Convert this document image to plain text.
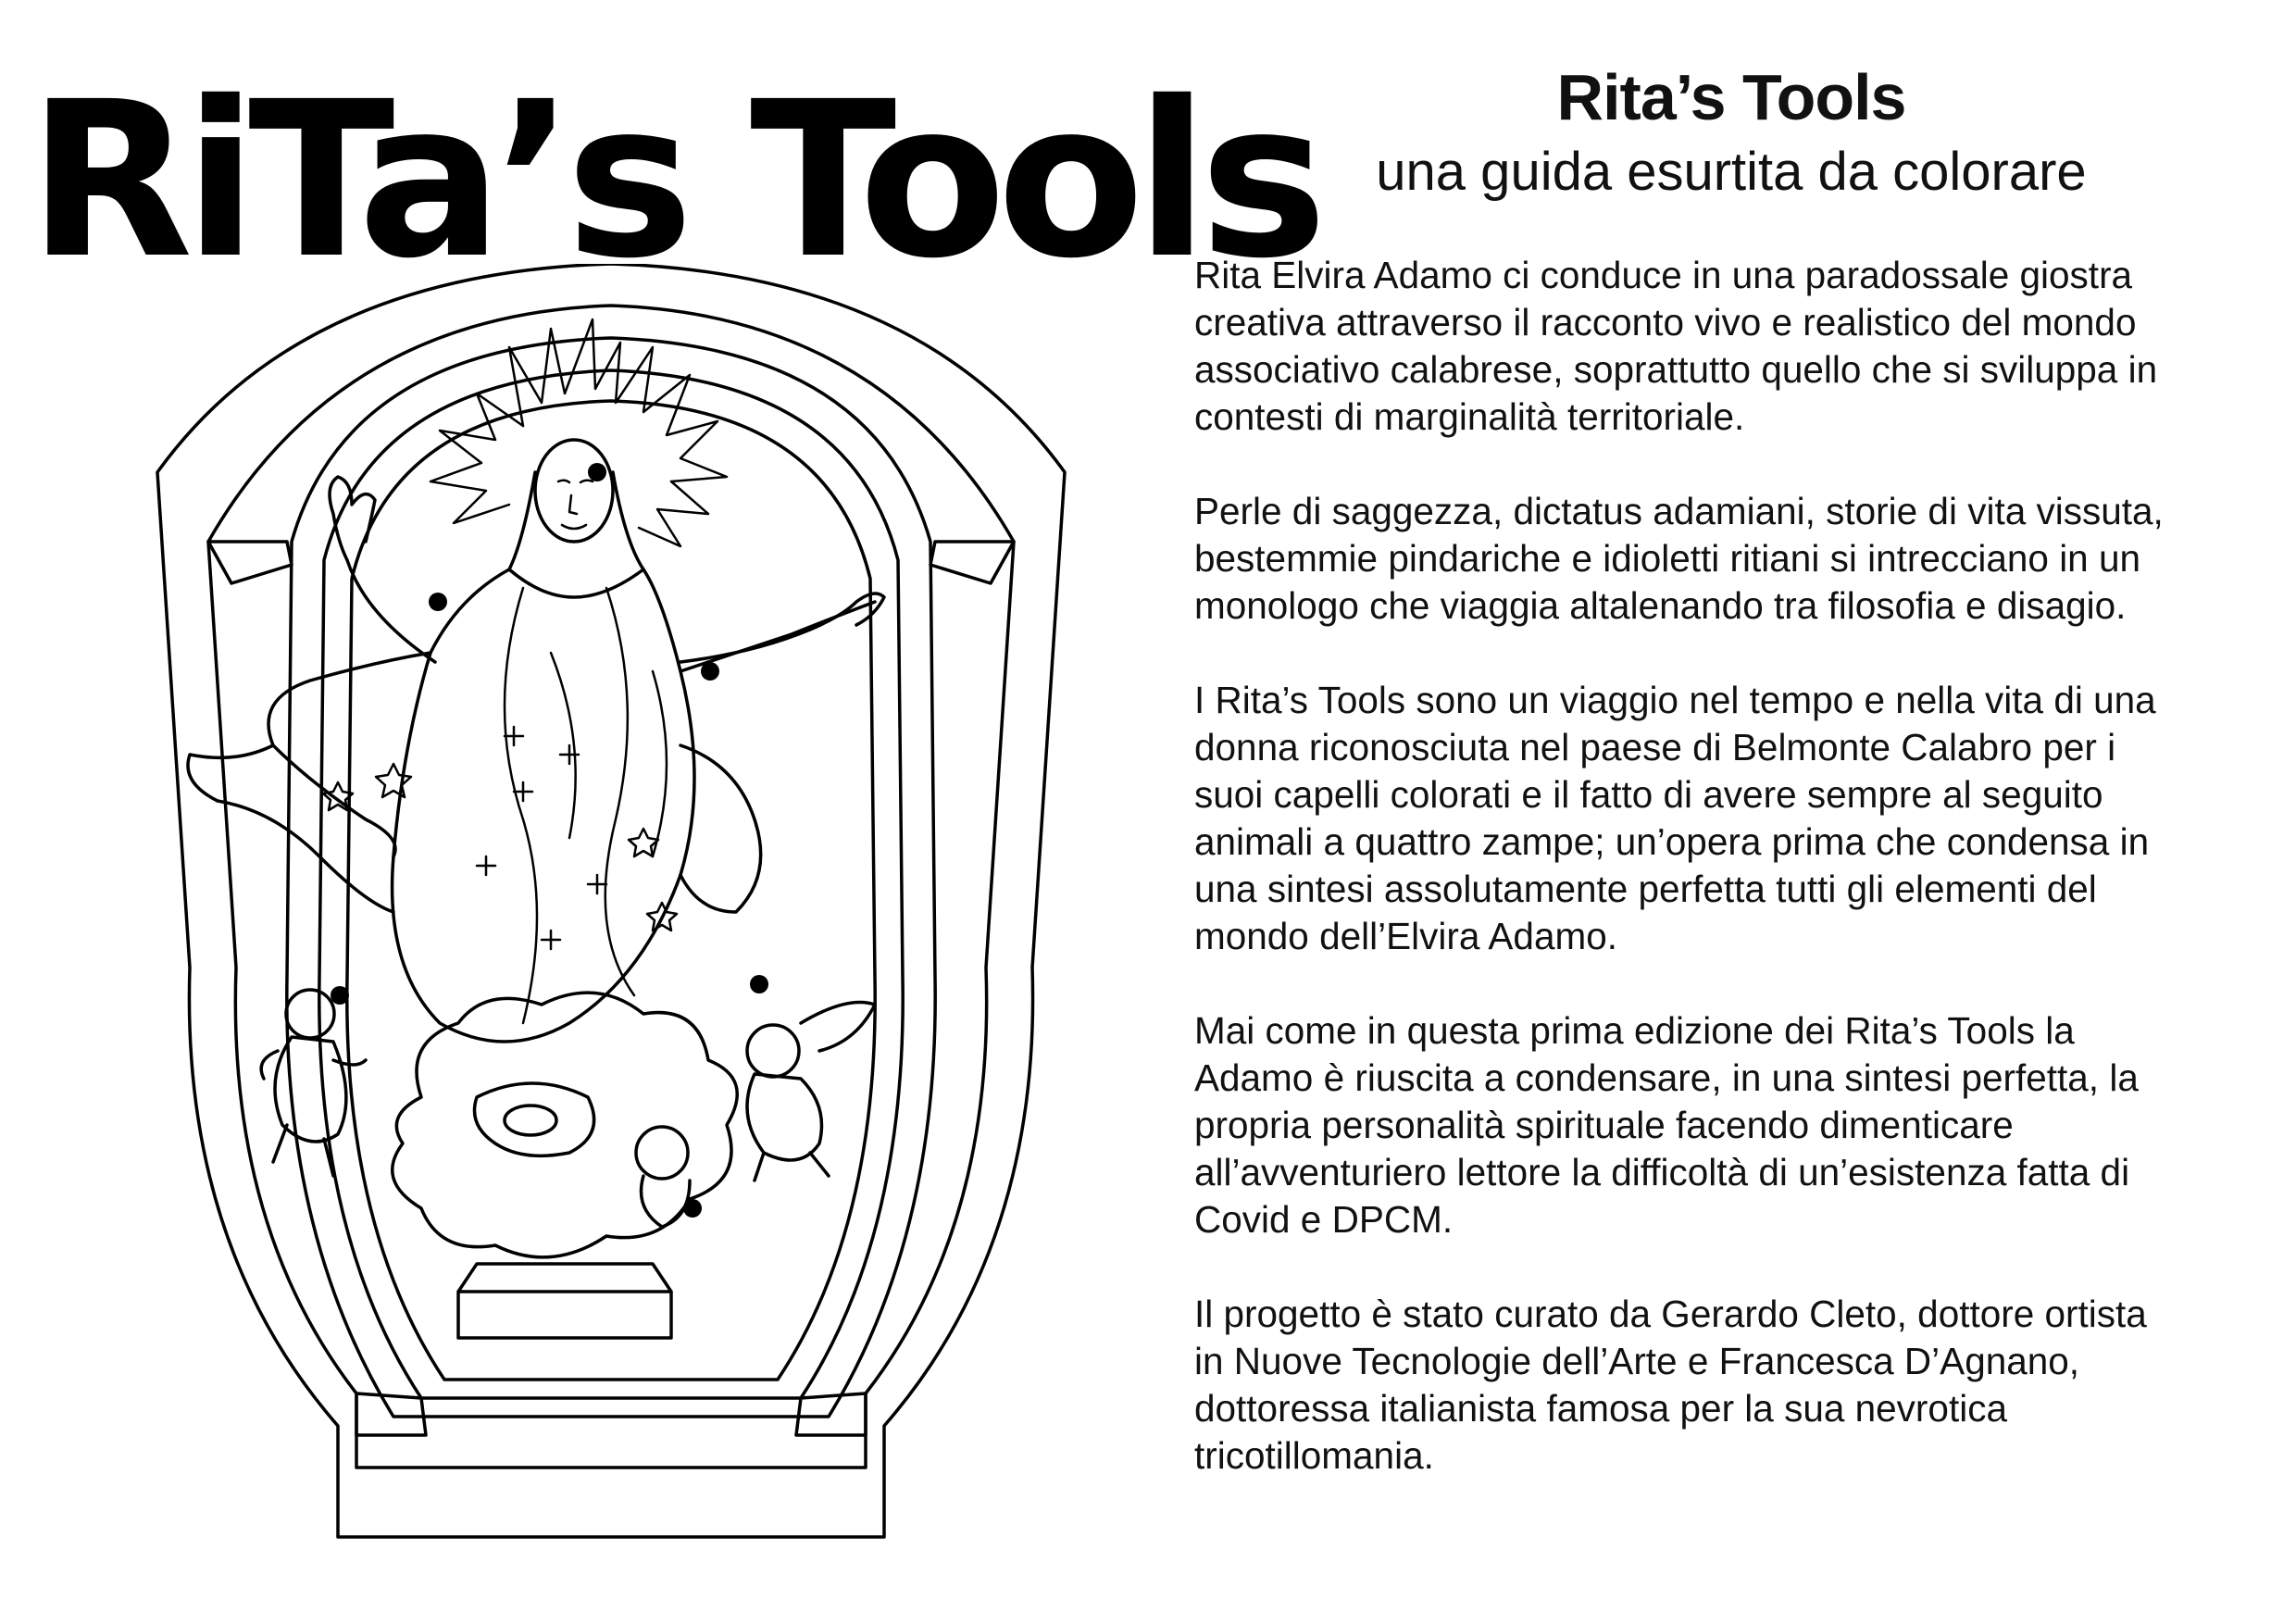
RiTa’s Tools	Rita’s Tools

una guida esurtita da colorare

Rita Elvira Adamo ci conduce in una paradossale giostra
creativa attraverso il racconto vivo e realistico del mondo
associativo calabrese, soprattutto quello che si sviluppa in
contesti di marginalità territoriale.

Perle di saggezza, dictatus adamiani, storie di vita vissuta,
bestemmie pindariche e idioletti ritiani si intrecciano in un
monologo che viaggia altalenando tra filosofia e disagio.

I Rita’s Tools sono un viaggio nel tempo e nella vita di una
donna riconosciuta nel paese di Belmonte Calabro per i
suoi capelli colorati e il fatto di avere sempre al seguito
animali a quattro zampe; un’opera prima che condensa in
una sintesi assolutamente perfetta tutti gli elementi del
mondo dell’Elvira Adamo.

Mai come in questa prima edizione dei Rita’s Tools la
Adamo è riuscita a condensare, in una sintesi perfetta, la
propria personalità spirituale facendo dimenticare
all’avventuriero lettore la difficoltà di un’esistenza fatta di
Covid e DPCM.

Il progetto è stato curato da Gerardo Cleto, dottore ortista
in Nuove Tecnologie dell’Arte e Francesca D’Agnano,
dottoressa italianista famosa per la sua nevrotica
tricotillomania.
